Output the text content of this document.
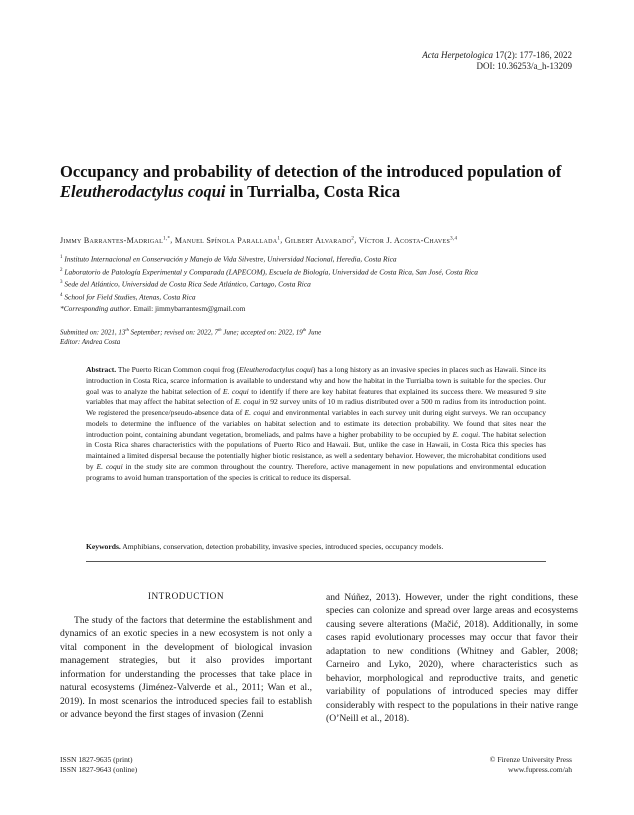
Acta Herpetologica 17(2): 177-186, 2022
DOI: 10.36253/a_h-13209
Occupancy and probability of detection of the introduced population of
Eleutherodactylus coqui in Turrialba, Costa Rica
Jimmy Barrantes-Madrigal$^{1,*}$, Manuel Spínola Parallada$^1$, Gilbert Alvarado$^2$, Víctor J. Acosta-Chaves$^{3,4}$
$^1$ Instituto Internacional en Conservación y Manejo de Vida Silvestre, Universidad Nacional, Heredia, Costa Rica
$^2$ Laboratorio de Patología Experimental y Comparada (LAPECOM), Escuela de Biología, Universidad de Costa Rica, San José, Costa Rica
$^3$ Sede del Atlántico, Universidad de Costa Rica Sede Atlántico, Cartago, Costa Rica
$^4$ School for Field Studies, Atenas, Costa Rica
*Corresponding author. Email: jimmybarrantesm@gmail.com
Submitted on: 2021, 13th September; revised on: 2022, 7th June; accepted on: 2022, 19th June
Editor: Andrea Costa
Abstract. The Puerto Rican Common coqui frog (Eleutherodactylus coqui) has a long history as an invasive species in places such as Hawaii. Since its introduction in Costa Rica, scarce information is available to understand why and how the habitat in the Turrialba town is suitable for the species. Our goal was to analyze the habitat selection of E. coqui to identify if there are key habitat features that explained its success there. We measured 9 site variables that may affect the habitat selection of E. coqui in 92 survey units of 10 m radius distributed over a 500 m radius from its introduction point. We registered the presence/pseudo-absence data of E. coqui and environmental variables in each survey unit during eight surveys. We ran occupancy models to determine the influence of the variables on habitat selection and to estimate its detection probability. We found that sites near the introduction point, containing abundant vegetation, bromeliads, and palms have a higher probability to be occupied by E. coqui. The habitat selection in Costa Rica shares characteristics with the populations of Puerto Rico and Hawaii. But, unlike the case in Hawaii, in Costa Rica this species has maintained a limited dispersal because the potentially higher biotic resistance, as well a sedentary behavior. However, the microhabitat conditions used by E. coqui in the study site are common throughout the country. Therefore, active management in new populations and environmental education programs to avoid human transportation of the species is critical to reduce its dispersal.
Keywords. Amphibians, conservation, detection probability, invasive species, introduced species, occupancy models.
INTRODUCTION
The study of the factors that determine the establishment and dynamics of an exotic species in a new ecosystem is not only a vital component in the development of biological invasion management strategies, but it also provides important information for understanding the processes that take place in natural ecosystems (Jiménez-Valverde et al., 2011; Wan et al., 2019). In most scenarios the introduced species fail to establish or advance beyond the first stages of invasion (Zenni
and Núñez, 2013). However, under the right conditions, these species can colonize and spread over large areas and ecosystems causing severe alterations (Mačić, 2018). Additionally, in some cases rapid evolutionary processes may occur that favor their adaptation to new conditions (Whitney and Gabler, 2008; Carneiro and Lyko, 2020), where characteristics such as behavior, morphological and reproductive traits, and genetic variability of populations of introduced species may differ considerably with respect to the populations in their native range (O’Neill et al., 2018).
ISSN 1827-9635 (print)
ISSN 1827-9643 (online)
© Firenze University Press
www.fupress.com/ah
